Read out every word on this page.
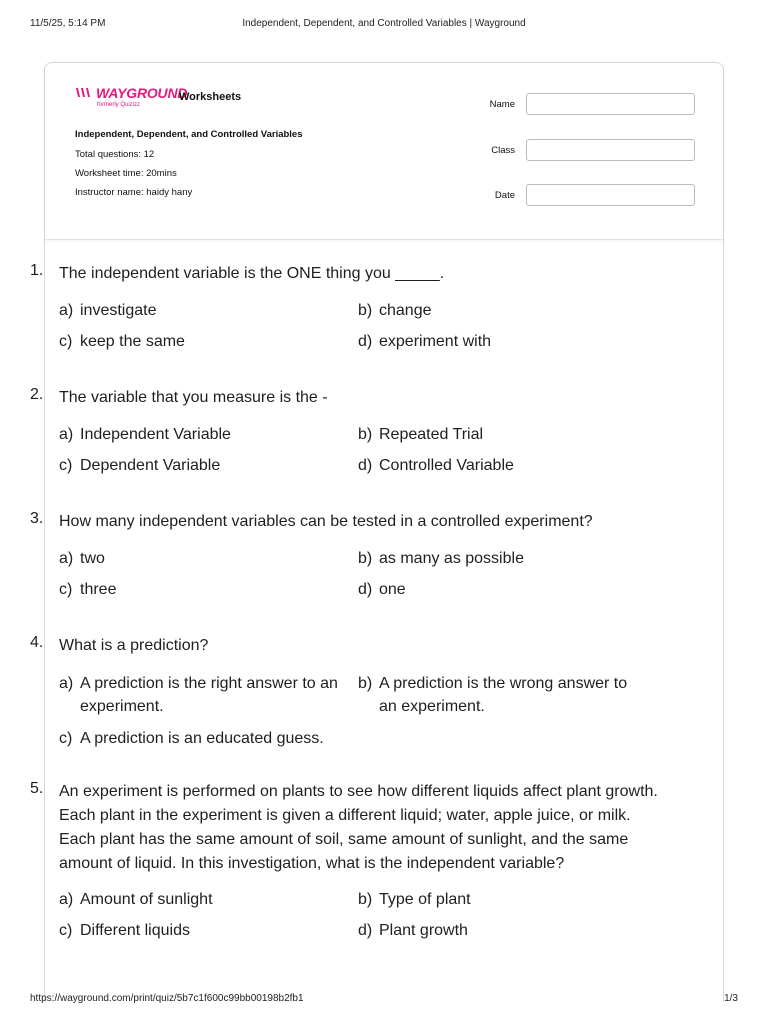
11/5/25, 5:14 PM	Independent, Dependent, and Controlled Variables | Wayground
WAYGROUND
formerly Quizizz
Worksheets
Independent, Dependent, and Controlled Variables
Total questions: 12
Worksheet time: 20mins
Instructor name: haidy hany
Name
Class
Date
1. The independent variable is the ONE thing you _____.
a) investigate	b) change
c) keep the same	d) experiment with
2. The variable that you measure is the -
a) Independent Variable	b) Repeated Trial
c) Dependent Variable	d) Controlled Variable
3. How many independent variables can be tested in a controlled experiment?
a) two	b) as many as possible
c) three	d) one
4. What is a prediction?
a) A prediction is the right answer to an experiment.
b) A prediction is the wrong answer to an experiment.
c) A prediction is an educated guess.
5. An experiment is performed on plants to see how different liquids affect plant growth. Each plant in the experiment is given a different liquid; water, apple juice, or milk. Each plant has the same amount of soil, same amount of sunlight, and the same amount of liquid. In this investigation, what is the independent variable?
a) Amount of sunlight	b) Type of plant
c) Different liquids	d) Plant growth
https://wayground.com/print/quiz/5b7c1f600c99bb00198b2fb1	1/3
